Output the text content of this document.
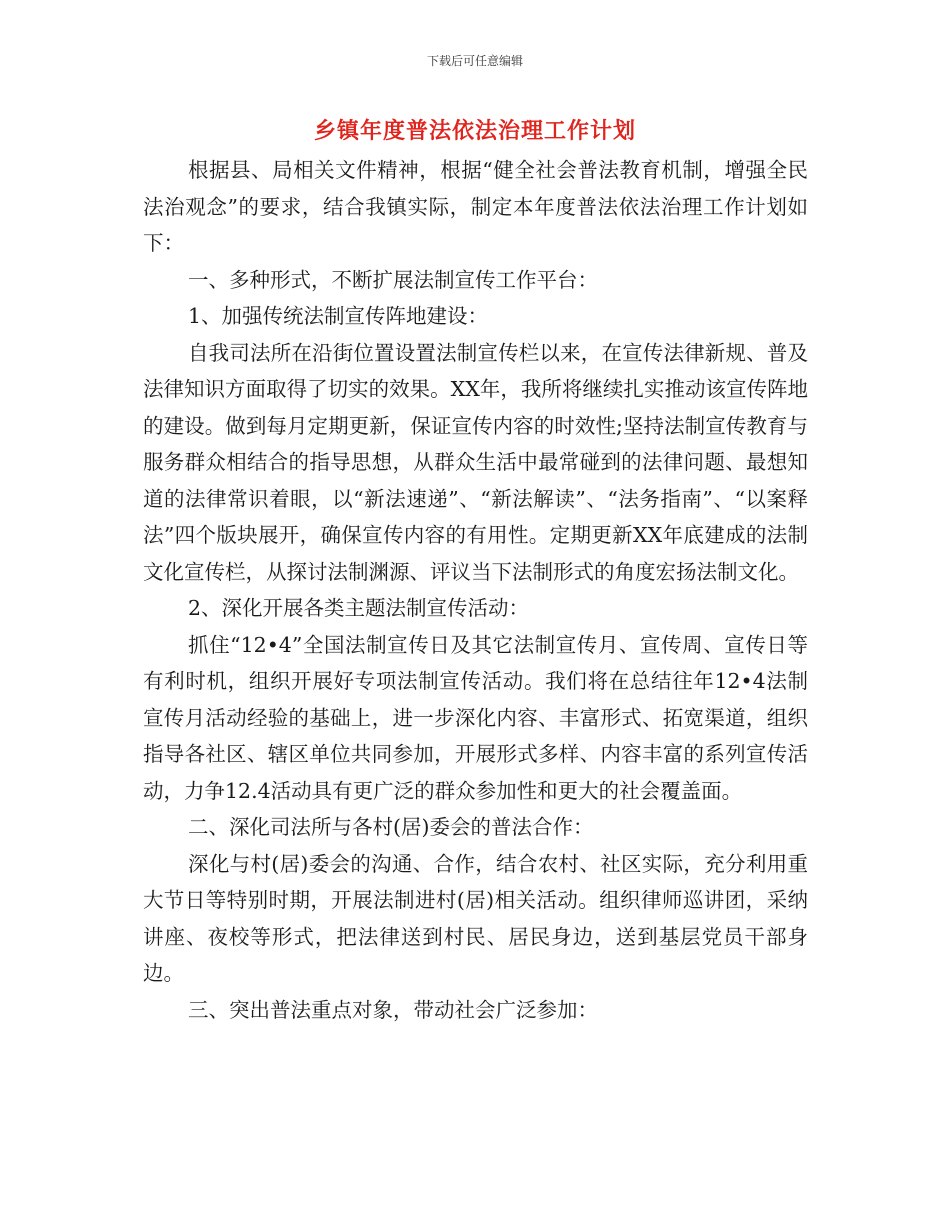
下载后可任意编辑
乡镇年度普法依法治理工作计划

根据县、局相关文件精神，根据“健全社会普法教育机制，增强全民法治观念”的要求，结合我镇实际，制定本年度普法依法治理工作计划如下：

一、多种形式，不断扩展法制宣传工作平台：

1、加强传统法制宣传阵地建设：

自我司法所在沿街位置设置法制宣传栏以来，在宣传法律新规、普及法律知识方面取得了切实的效果。XX年，我所将继续扎实推动该宣传阵地的建设。做到每月定期更新，保证宣传内容的时效性;坚持法制宣传教育与服务群众相结合的指导思想，从群众生活中最常碰到的法律问题、最想知道的法律常识着眼，以“新法速递”、“新法解读”、“法务指南”、“以案释法”四个版块展开，确保宣传内容的有用性。定期更新XX年底建成的法制文化宣传栏，从探讨法制渊源、评议当下法制形式的角度宏扬法制文化。

2、深化开展各类主题法制宣传活动：

抓住“12•4”全国法制宣传日及其它法制宣传月、宣传周、宣传日等有利时机，组织开展好专项法制宣传活动。我们将在总结往年12•4法制宣传月活动经验的基础上，进一步深化内容、丰富形式、拓宽渠道，组织指导各社区、辖区单位共同参加，开展形式多样、内容丰富的系列宣传活动，力争12.4活动具有更广泛的群众参加性和更大的社会覆盖面。

二、深化司法所与各村(居)委会的普法合作：

深化与村(居)委会的沟通、合作，结合农村、社区实际，充分利用重大节日等特别时期，开展法制进村(居)相关活动。组织律师巡讲团，采纳讲座、夜校等形式，把法律送到村民、居民身边，送到基层党员干部身边。

三、突出普法重点对象，带动社会广泛参加：
